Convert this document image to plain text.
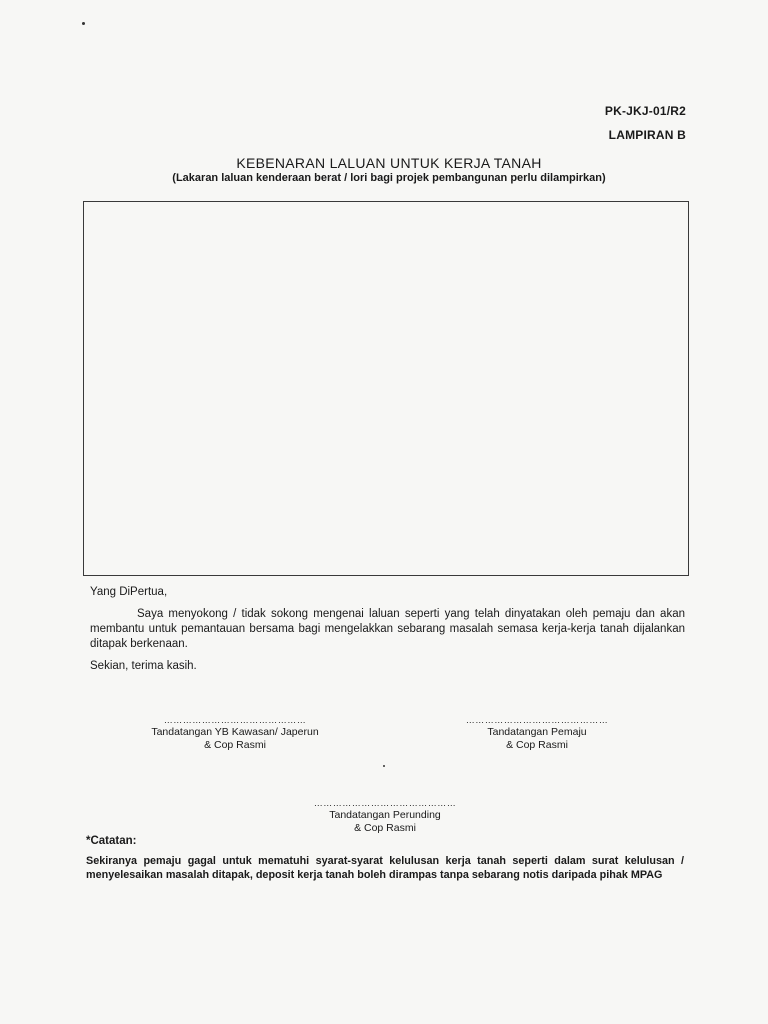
PK-JKJ-01/R2
LAMPIRAN B
KEBENARAN LALUAN UNTUK KERJA TANAH
(Lakaran laluan kenderaan berat / lori bagi projek pembangunan perlu dilampirkan)
Yang DiPertua,

Saya menyokong / tidak sokong mengenai laluan seperti yang telah dinyatakan oleh pemaju dan akan membantu untuk pemantauan bersama bagi mengelakkan sebarang masalah semasa kerja-kerja tanah dijalankan ditapak berkenaan.

Sekian, terima kasih.
………………………………………
Tandatangan YB Kawasan/ Japerun
& Cop Rasmi
………………………………………
Tandatangan Pemaju
& Cop Rasmi
………………………………………
Tandatangan Perunding
& Cop Rasmi
*Catatan:

Sekiranya pemaju gagal untuk mematuhi syarat-syarat kelulusan kerja tanah seperti dalam surat kelulusan / menyelesaikan masalah ditapak, deposit kerja tanah boleh dirampas tanpa sebarang notis daripada pihak MPAG
